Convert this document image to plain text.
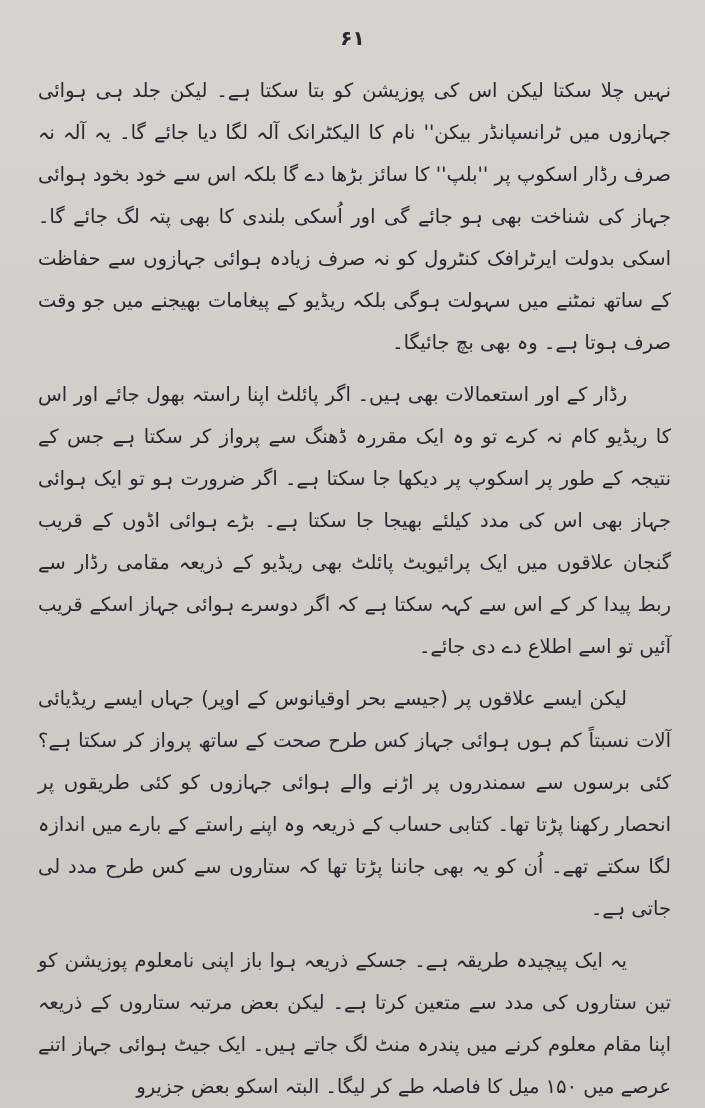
۶۱

نہیں چلا سکتا لیکن اس کی پوزیشن کو بتا سکتا ہے۔ لیکن جلد ہی ہوائی جہازوں میں ٹرانسپانڈر بیکن'' نام کا الیکٹرانک آلہ لگا دیا جائے گا۔ یہ آلہ نہ صرف رڈار اسکوپ پر ''بلپ'' کا سائز بڑھا دے گا بلکہ اس سے خود بخود ہوائی جہاز کی شناخت بھی ہو جائے گی اور اُسکی بلندی کا بھی پتہ لگ جائے گا۔ اسکی بدولت ایرٹرافک کنٹرول کو نہ صرف زیادہ ہوائی جہازوں سے حفاظت کے ساتھ نمٹنے میں سہولت ہوگی بلکہ ریڈیو کے پیغامات بھیجنے میں جو وقت صرف ہوتا ہے۔ وہ بھی بچ جائیگا۔

رڈار کے اور استعمالات بھی ہیں۔ اگر پائلٹ اپنا راستہ بھول جائے اور اس کا ریڈیو کام نہ کرے تو وہ ایک مقررہ ڈھنگ سے پرواز کر سکتا ہے جس کے نتیجہ کے طور پر اسکوپ پر دیکھا جا سکتا ہے۔ اگر ضرورت ہو تو ایک ہوائی جہاز بھی اس کی مدد کیلئے بھیجا جا سکتا ہے۔ بڑے ہوائی اڈوں کے قریب گنجان علاقوں میں ایک پرائیویٹ پائلٹ بھی ریڈیو کے ذریعہ مقامی رڈار سے ربط پیدا کر کے اس سے کہہ سکتا ہے کہ اگر دوسرے ہوائی جہاز اسکے قریب آئیں تو اسے اطلاع دے دی جائے۔

لیکن ایسے علاقوں پر (جیسے بحر اوقیانوس کے اوپر) جہاں ایسے ریڈیائی آلات نسبتاً کم ہوں ہوائی جہاز کس طرح صحت کے ساتھ پرواز کر سکتا ہے؟ کئی برسوں سے سمندروں پر اڑنے والے ہوائی جہازوں کو کئی طریقوں پر انحصار رکھنا پڑتا تھا۔ کتابی حساب کے ذریعہ وہ اپنے راستے کے بارے میں اندازہ لگا سکتے تھے۔ اُن کو یہ بھی جاننا پڑتا تھا کہ ستاروں سے کس طرح مدد لی جاتی ہے۔

یہ ایک پیچیدہ طریقہ ہے۔ جسکے ذریعہ ہوا باز اپنی نامعلوم پوزیشن کو تین ستاروں کی مدد سے متعین کرتا ہے۔ لیکن بعض مرتبہ ستاروں کے ذریعہ اپنا مقام معلوم کرنے میں پندرہ منٹ لگ جاتے ہیں۔ ایک جیٹ ہوائی جہاز اتنے عرصے میں ۱۵۰ میل کا فاصلہ طے کر لیگا۔ البتہ اسکو بعض جزیرو
